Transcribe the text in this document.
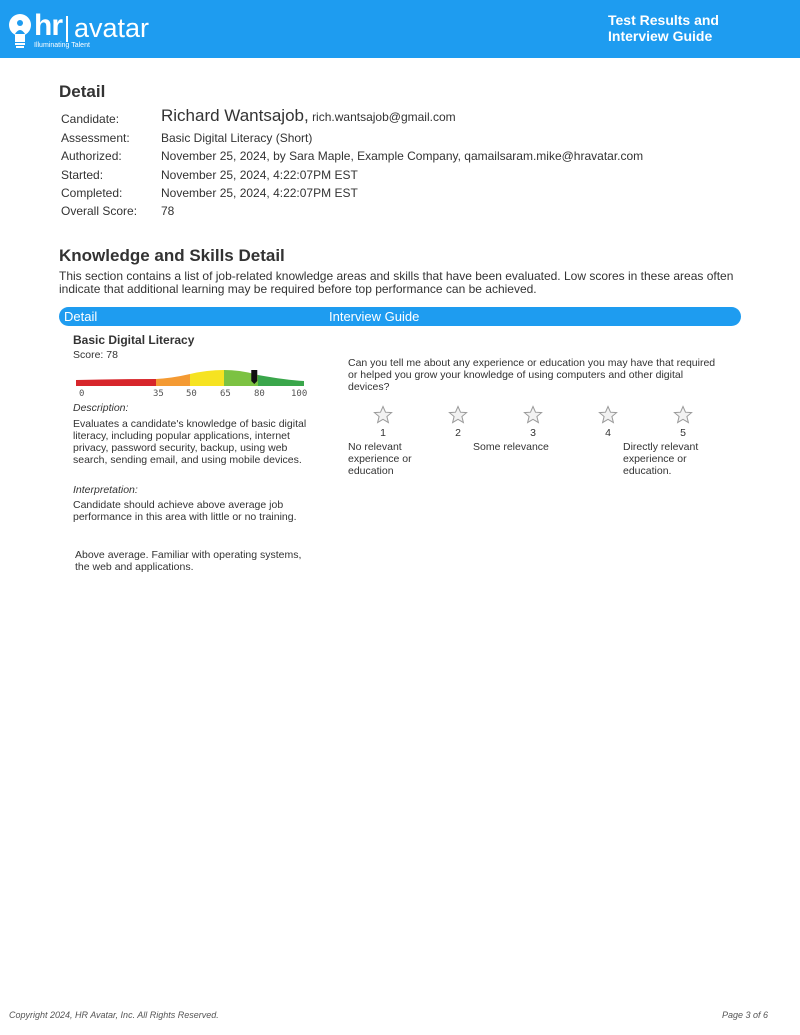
hr avatar
Illuminating Talent
Test Results and
Interview Guide
Detail
Candidate:	Richard Wantsajob, rich.wantsajob@gmail.com
Assessment:	Basic Digital Literacy (Short)
Authorized:	November 25, 2024, by Sara Maple, Example Company, qamailsaram.mike@hravatar.com
Started:	November 25, 2024, 4:22:07PM EST
Completed:	November 25, 2024, 4:22:07PM EST
Overall Score:	78
Knowledge and Skills Detail
This section contains a list of job-related knowledge areas and skills that have been evaluated. Low scores in these areas often indicate that additional learning may be required before top performance can be achieved.
Detail	Interview Guide
Basic Digital Literacy
Score: 78
0	35 50	65	80	100
Description:
Evaluates a candidate's knowledge of basic digital literacy, including popular applications, internet privacy, password security, backup, using web search, sending email, and using mobile devices.
Interpretation:
Candidate should achieve above average job performance in this area with little or no training.
Above average. Familiar with operating systems, the web and applications.
Can you tell me about any experience or education you may have that required or helped you grow your knowledge of using computers and other digital devices?
1	2	3	4	5
No relevant experience or education
Some relevance	Directly relevant experience or education.
Copyright 2024, HR Avatar, Inc. All Rights Reserved.	Page 3 of 6
